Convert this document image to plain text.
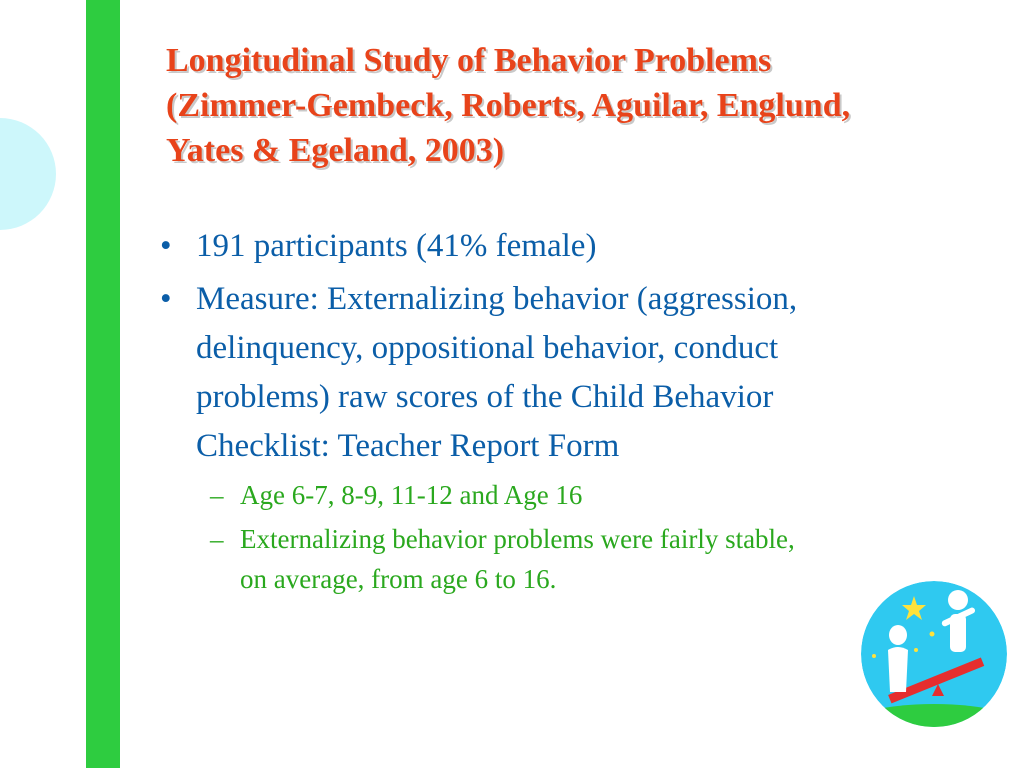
Longitudinal Study of Behavior Problems
(Zimmer-Gembeck, Roberts, Aguilar, Englund,
Yates & Egeland, 2003)
• 191 participants (41% female)
• Measure: Externalizing behavior (aggression,
delinquency, oppositional behavior, conduct
problems) raw scores of the Child Behavior
Checklist: Teacher Report Form
– Age 6-7, 8-9, 11-12 and Age 16
– Externalizing behavior problems were fairly stable,
on average, from age 6 to 16.
